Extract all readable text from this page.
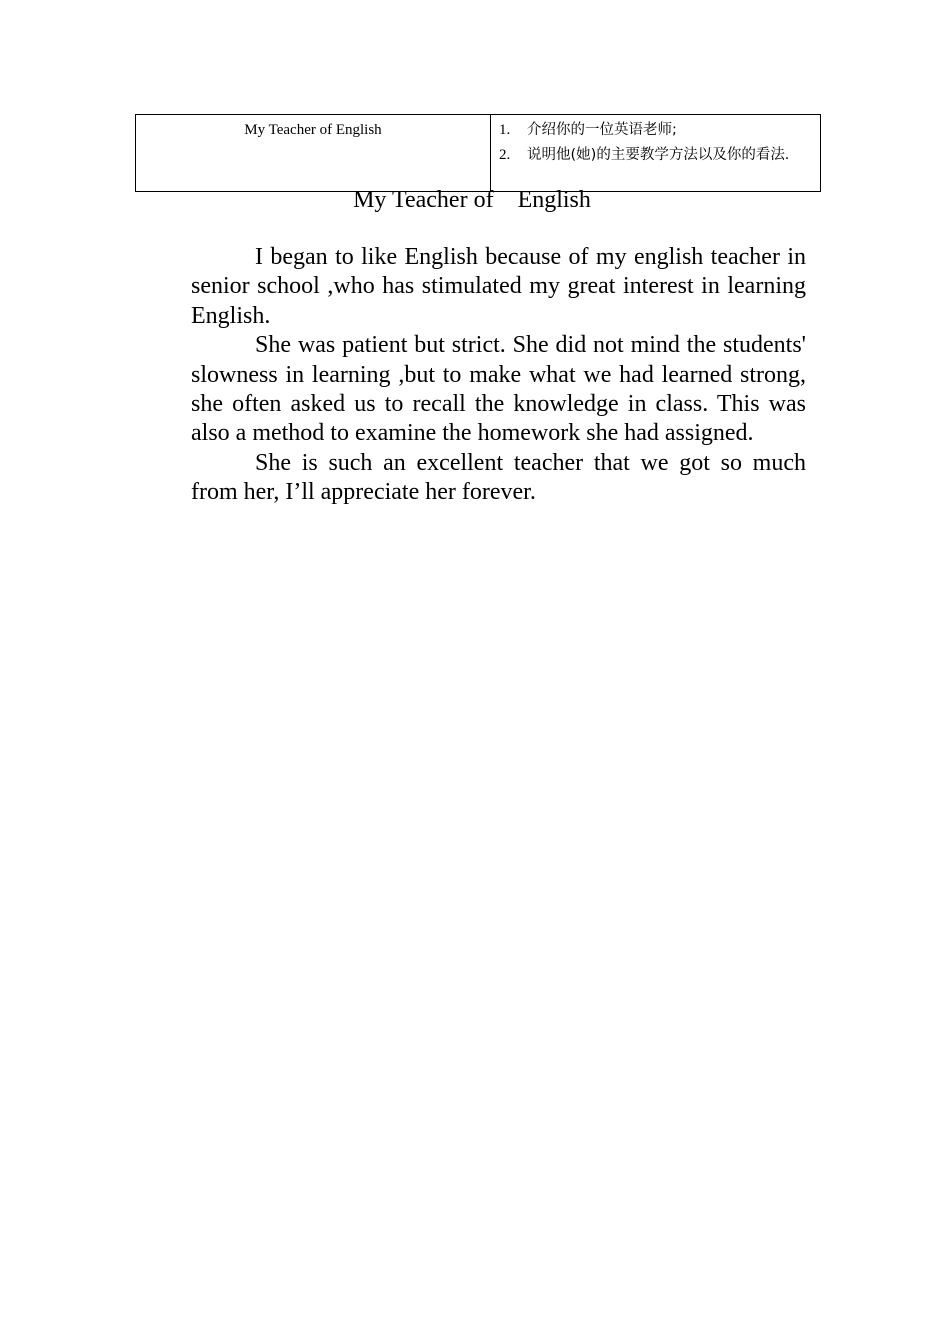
My Teacher of English	1.	介绍你的一位英语老师;
2.	说明他(她)的主要教学方法以及你的看法.
My Teacher of    English

I began to like English because of my english teacher in senior school ,who has stimulated my great interest in learning English.

She was patient but strict. She did not mind the students' slowness in learning ,but to make what we had learned strong, she often asked us to recall the knowledge in class. This was also a method to examine the homework she had assigned.

She is such an excellent teacher that we got so much from her, I’ll appreciate her forever.
